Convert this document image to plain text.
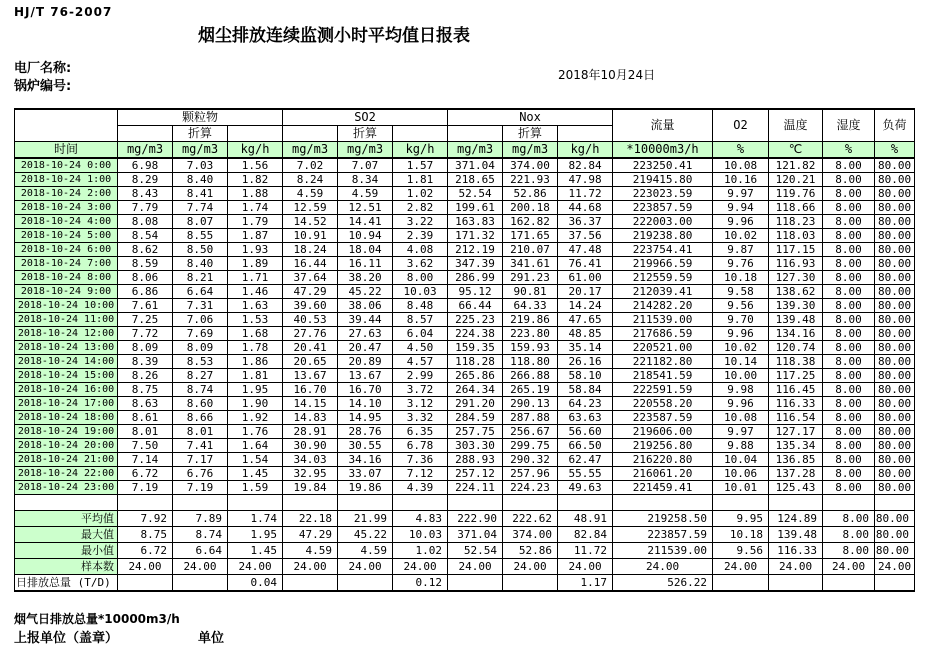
HJ/T 76-2007
烟尘排放连续监测小时平均值日报表
电厂名称:
锅炉编号:
2018年10月24日
	颗粒物			SO2			Nox			流量	O2	温度	湿度	负荷
		折算			折算			折算						
时间	mg/m3	mg/m3	kg/h	mg/m3	mg/m3	kg/h	mg/m3	mg/m3	kg/h	*10000m3/h	%	℃	%	%
2018-10-24 0:00	6.98	7.03	1.56	7.02	7.07	1.57	371.04	374.00	82.84	223250.41	10.08	121.82	8.00	80.00
2018-10-24 1:00	8.29	8.40	1.82	8.24	8.34	1.81	218.65	221.93	47.98	219415.80	10.16	120.21	8.00	80.00
2018-10-24 2:00	8.43	8.41	1.88	4.59	4.59	1.02	52.54	52.86	11.72	223023.59	9.97	119.76	8.00	80.00
2018-10-24 3:00	7.79	7.74	1.74	12.59	12.51	2.82	199.61	200.18	44.68	223857.59	9.94	118.66	8.00	80.00
2018-10-24 4:00	8.08	8.07	1.79	14.52	14.41	3.22	163.83	162.82	36.37	222003.00	9.96	118.23	8.00	80.00
2018-10-24 5:00	8.54	8.55	1.87	10.91	10.94	2.39	171.32	171.65	37.56	219238.80	10.02	118.03	8.00	80.00
2018-10-24 6:00	8.62	8.50	1.93	18.24	18.04	4.08	212.19	210.07	47.48	223754.41	9.87	117.15	8.00	80.00
2018-10-24 7:00	8.59	8.40	1.89	16.44	16.11	3.62	347.39	341.61	76.41	219966.59	9.76	116.93	8.00	80.00
2018-10-24 8:00	8.06	8.21	1.71	37.64	38.20	8.00	286.99	291.23	61.00	212559.59	10.18	127.30	8.00	80.00
2018-10-24 9:00	6.86	6.64	1.46	47.29	45.22	10.03	95.12	90.81	20.17	212039.41	9.58	138.62	8.00	80.00
2018-10-24 10:00	7.61	7.31	1.63	39.60	38.06	8.48	66.44	64.33	14.24	214282.20	9.56	139.30	8.00	80.00
2018-10-24 11:00	7.25	7.06	1.53	40.53	39.44	8.57	225.23	219.86	47.65	211539.00	9.70	139.48	8.00	80.00
2018-10-24 12:00	7.72	7.69	1.68	27.76	27.63	6.04	224.38	223.80	48.85	217686.59	9.96	134.16	8.00	80.00
2018-10-24 13:00	8.09	8.09	1.78	20.41	20.47	4.50	159.35	159.93	35.14	220521.00	10.02	120.74	8.00	80.00
2018-10-24 14:00	8.39	8.53	1.86	20.65	20.89	4.57	118.28	118.80	26.16	221182.80	10.14	118.38	8.00	80.00
2018-10-24 15:00	8.26	8.27	1.81	13.67	13.67	2.99	265.86	266.88	58.10	218541.59	10.00	117.25	8.00	80.00
2018-10-24 16:00	8.75	8.74	1.95	16.70	16.70	3.72	264.34	265.19	58.84	222591.59	9.98	116.45	8.00	80.00
2018-10-24 17:00	8.63	8.60	1.90	14.15	14.10	3.12	291.20	290.13	64.23	220558.20	9.96	116.33	8.00	80.00
2018-10-24 18:00	8.61	8.66	1.92	14.83	14.95	3.32	284.59	287.88	63.63	223587.59	10.08	116.54	8.00	80.00
2018-10-24 19:00	8.01	8.01	1.76	28.91	28.76	6.35	257.75	256.67	56.60	219606.00	9.97	127.17	8.00	80.00
2018-10-24 20:00	7.50	7.41	1.64	30.90	30.55	6.78	303.30	299.75	66.50	219256.80	9.88	135.34	8.00	80.00
2018-10-24 21:00	7.14	7.17	1.54	34.03	34.16	7.36	288.93	290.32	62.47	216220.80	10.04	136.85	8.00	80.00
2018-10-24 22:00	6.72	6.76	1.45	32.95	33.07	7.12	257.12	257.96	55.55	216061.20	10.06	137.28	8.00	80.00
2018-10-24 23:00	7.19	7.19	1.59	19.84	19.86	4.39	224.11	224.23	49.63	221459.41	10.01	125.43	8.00	80.00

平均值	7.92	7.89	1.74	22.18	21.99	4.83	222.90	222.62	48.91	219258.50	9.95	124.89	8.00	80.00
最大值	8.75	8.74	1.95	47.29	45.22	10.03	371.04	374.00	82.84	223857.59	10.18	139.48	8.00	80.00
最小值	6.72	6.64	1.45	4.59	4.59	1.02	52.54	52.86	11.72	211539.00	9.56	116.33	8.00	80.00
样本数	24.00	24.00	24.00	24.00	24.00	24.00	24.00	24.00	24.00	24.00	24.00	24.00	24.00	24.00
日排放总量 (T/D)			0.04			0.12			1.17	526.22				
烟气日排放总量*10000m3/h
上报单位（盖章）	单位
